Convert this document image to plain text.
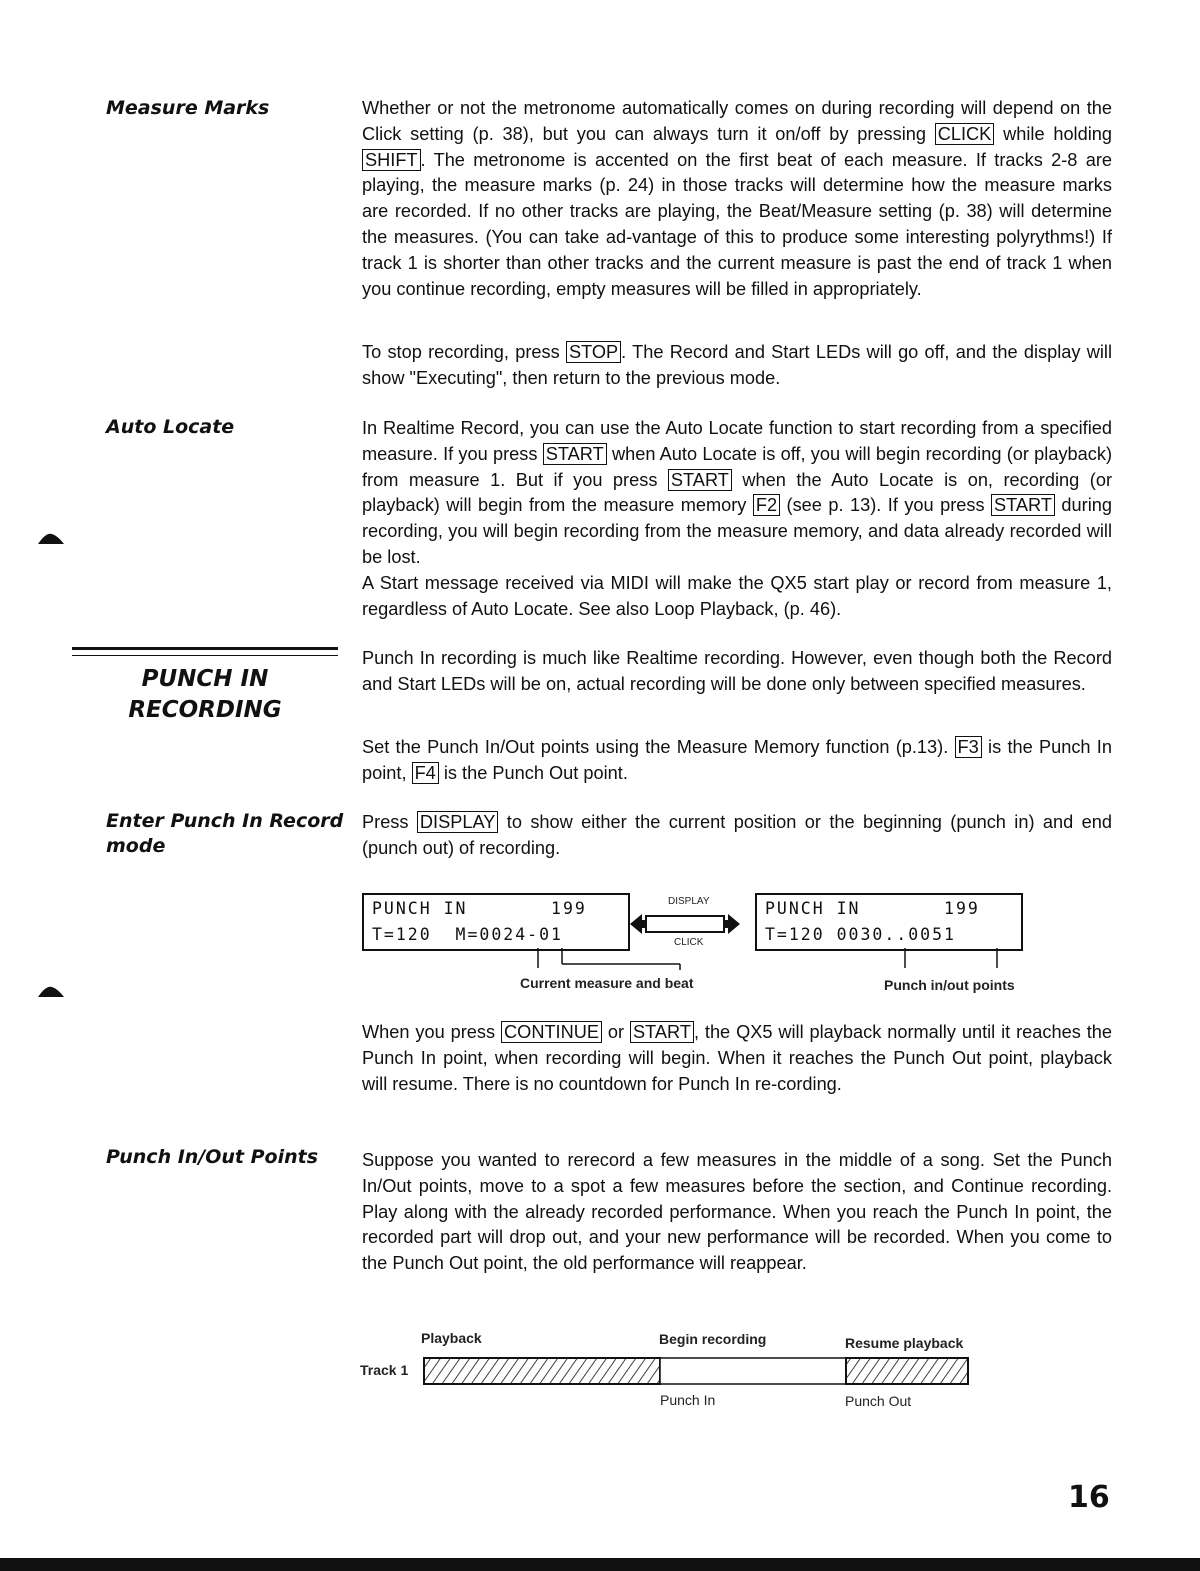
Measure Marks	Whether or not the metronome automatically comes on during recording will depend on the Click setting (p. 38), but you can always turn it on/off by pressing CLICK while holding SHIFT . The metronome is accented on the first beat of each measure. If tracks 2-8 are playing, the measure marks (p. 24) in those tracks will determine how the measure marks are recorded. If no other tracks are playing, the Beat/Measure setting (p. 38) will determine the measures. (You can take ad-vantage of this to produce some interesting polyrythms!) If track 1 is shorter than other tracks and the current measure is past the end of track 1 when you continue recording, empty measures will be filled in appropriately.
To stop recording, press STOP . The Record and Start LEDs will go off, and the display will show "Executing", then return to the previous mode.
Auto Locate	In Realtime Record, you can use the Auto Locate function to start recording from a specified measure. If you press START when Auto Locate is off, you will begin recording (or playback) from measure 1. But if you press START when the Auto Locate is on, recording (or playback) will begin from the measure memory F2 (see p. 13). If you press START during recording, you will begin recording from the measure memory, and data already recorded will be lost.
A Start message received via MIDI will make the QX5 start play or record from measure 1, regardless of Auto Locate. See also Loop Playback, (p. 46).
PUNCH IN
RECORDING
Punch In recording is much like Realtime recording. However, even though both the Record and Start LEDs will be on, actual recording will be done only between specified measures.
Set the Punch In/Out points using the Measure Memory function (p.13). F3 is the Punch In point, F4 is the Punch Out point.
Enter Punch In Record
mode
Press DISPLAY to show either the current position or the beginning (punch in) and end (punch out) of recording.
PUNCH IN       199
T=120  M=0024-01
PUNCH IN       199
T=120 0030..0051
DISPLAY
CLICK
Current measure and beat	Punch in/out points
When you press CONTINUE or START , the QX5 will playback normally until it reaches the Punch In point, when recording will begin. When it reaches the Punch Out point, playback will resume. There is no countdown for Punch In re-cording.
Punch In/Out Points Suppose you wanted to rerecord a few measures in the middle of a song. Set the Punch In/Out points, move to a spot a few measures before the section, and Continue recording. Play along with the already recorded performance. When you reach the Punch In point, the recorded part will drop out, and your new performance will be recorded. When you come to the Punch Out point, the old performance will reappear.
Playback	Begin recording	Resume playback
Track 1
Punch In	Punch Out
16
